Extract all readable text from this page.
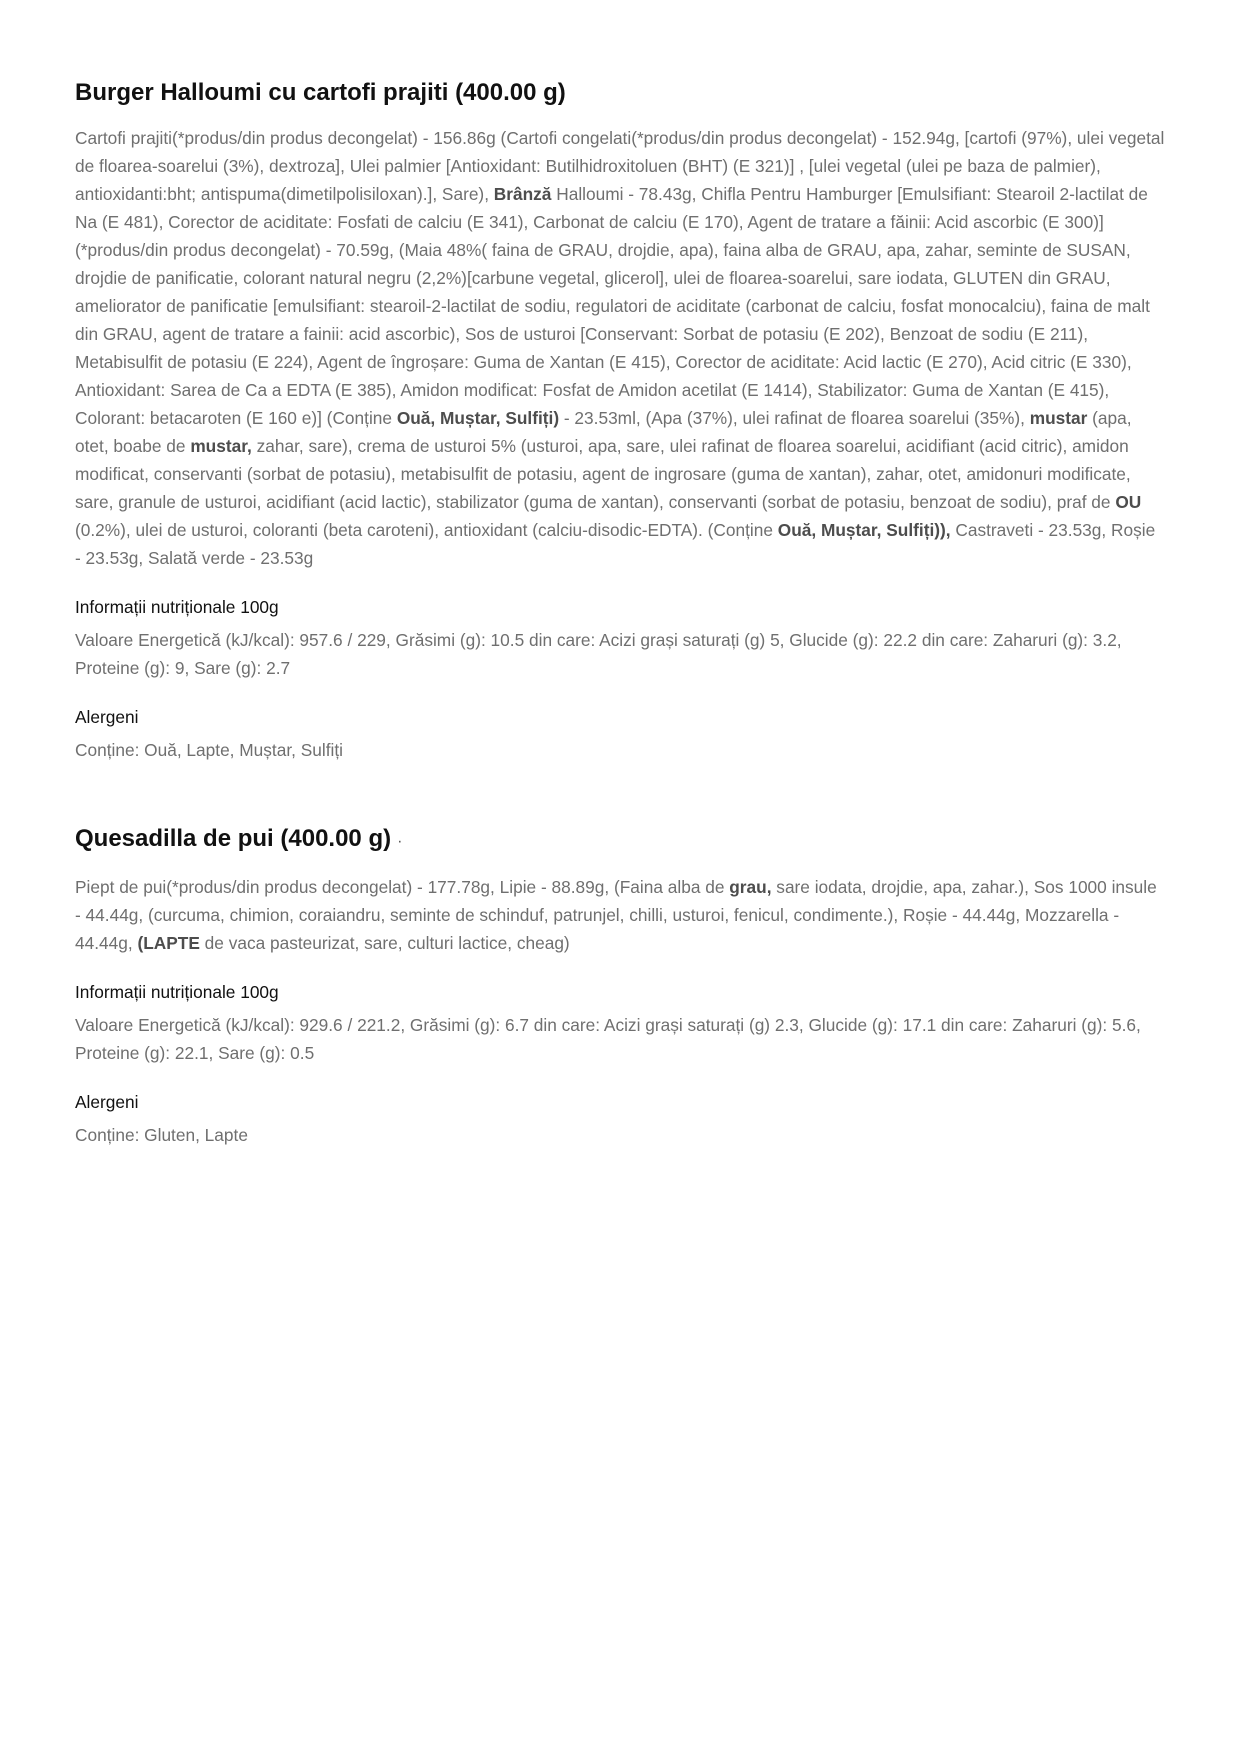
Burger Halloumi cu cartofi prajiti (400.00 g)

Cartofi prajiti(*produs/din produs decongelat) - 156.86g (Cartofi congelati(*produs/din produs decongelat) - 152.94g, [cartofi (97%), ulei vegetal de floarea-soarelui (3%), dextroza], Ulei palmier [Antioxidant: Butilhidroxitoluen (BHT) (E 321)] , [ulei vegetal (ulei pe baza de palmier), antioxidanti:bht; antispuma(dimetilpolisiloxan).], Sare), Brânză Halloumi - 78.43g, Chifla Pentru Hamburger [Emulsifiant: Stearoil 2-lactilat de Na (E 481), Corector de aciditate: Fosfati de calciu (E 341), Carbonat de calciu (E 170), Agent de tratare a făinii: Acid ascorbic (E 300)] (*produs/din produs decongelat) - 70.59g, (Maia 48%( faina de GRAU, drojdie, apa), faina alba de GRAU, apa, zahar, seminte de SUSAN, drojdie de panificatie, colorant natural negru (2,2%)[carbune vegetal, glicerol], ulei de floarea-soarelui, sare iodata, GLUTEN din GRAU, ameliorator de panificatie [emulsifiant: stearoil-2-lactilat de sodiu, regulatori de aciditate (carbonat de calciu, fosfat monocalciu), faina de malt din GRAU, agent de tratare a fainii: acid ascorbic), Sos de usturoi [Conservant: Sorbat de potasiu (E 202), Benzoat de sodiu (E 211), Metabisulfit de potasiu (E 224), Agent de îngroșare: Guma de Xantan (E 415), Corector de aciditate: Acid lactic (E 270), Acid citric (E 330), Antioxidant: Sarea de Ca a EDTA (E 385), Amidon modificat: Fosfat de Amidon acetilat (E 1414), Stabilizator: Guma de Xantan (E 415), Colorant: betacaroten (E 160 e)] (Conține Ouă, Muștar, Sulfiți) - 23.53ml, (Apa (37%), ulei rafinat de floarea soarelui (35%), mustar (apa, otet, boabe de mustar, zahar, sare), crema de usturoi 5% (usturoi, apa, sare, ulei rafinat de floarea soarelui, acidifiant (acid citric), amidon modificat, conservanti (sorbat de potasiu), metabisulfit de potasiu, agent de ingrosare (guma de xantan), zahar, otet, amidonuri modificate, sare, granule de usturoi, acidifiant (acid lactic), stabilizator (guma de xantan), conservanti (sorbat de potasiu, benzoat de sodiu), praf de OU (0.2%), ulei de usturoi, coloranti (beta caroteni), antioxidant (calciu-disodic-EDTA). (Conține Ouă, Muștar, Sulfiți)), Castraveti - 23.53g, Roșie - 23.53g, Salată verde - 23.53g

Informații nutriționale 100g

Valoare Energetică (kJ/kcal): 957.6 / 229, Grăsimi (g): 10.5 din care: Acizi grași saturați (g) 5, Glucide (g): 22.2 din care: Zaharuri (g): 3.2, Proteine (g): 9, Sare (g): 2.7

Alergeni

Conține: Ouă, Lapte, Muștar, Sulfiți

Quesadilla de pui (400.00 g) ·

Piept de pui(*produs/din produs decongelat) - 177.78g, Lipie - 88.89g, (Faina alba de grau, sare iodata, drojdie, apa, zahar.), Sos 1000 insule - 44.44g, (curcuma, chimion, coraiandru, seminte de schinduf, patrunjel, chilli, usturoi, fenicul, condimente.), Roșie - 44.44g, Mozzarella - 44.44g, (LAPTE de vaca pasteurizat, sare, culturi lactice, cheag)

Informații nutriționale 100g

Valoare Energetică (kJ/kcal): 929.6 / 221.2, Grăsimi (g): 6.7 din care: Acizi grași saturați (g) 2.3, Glucide (g): 17.1 din care: Zaharuri (g): 5.6, Proteine (g): 22.1, Sare (g): 0.5

Alergeni

Conține: Gluten, Lapte
